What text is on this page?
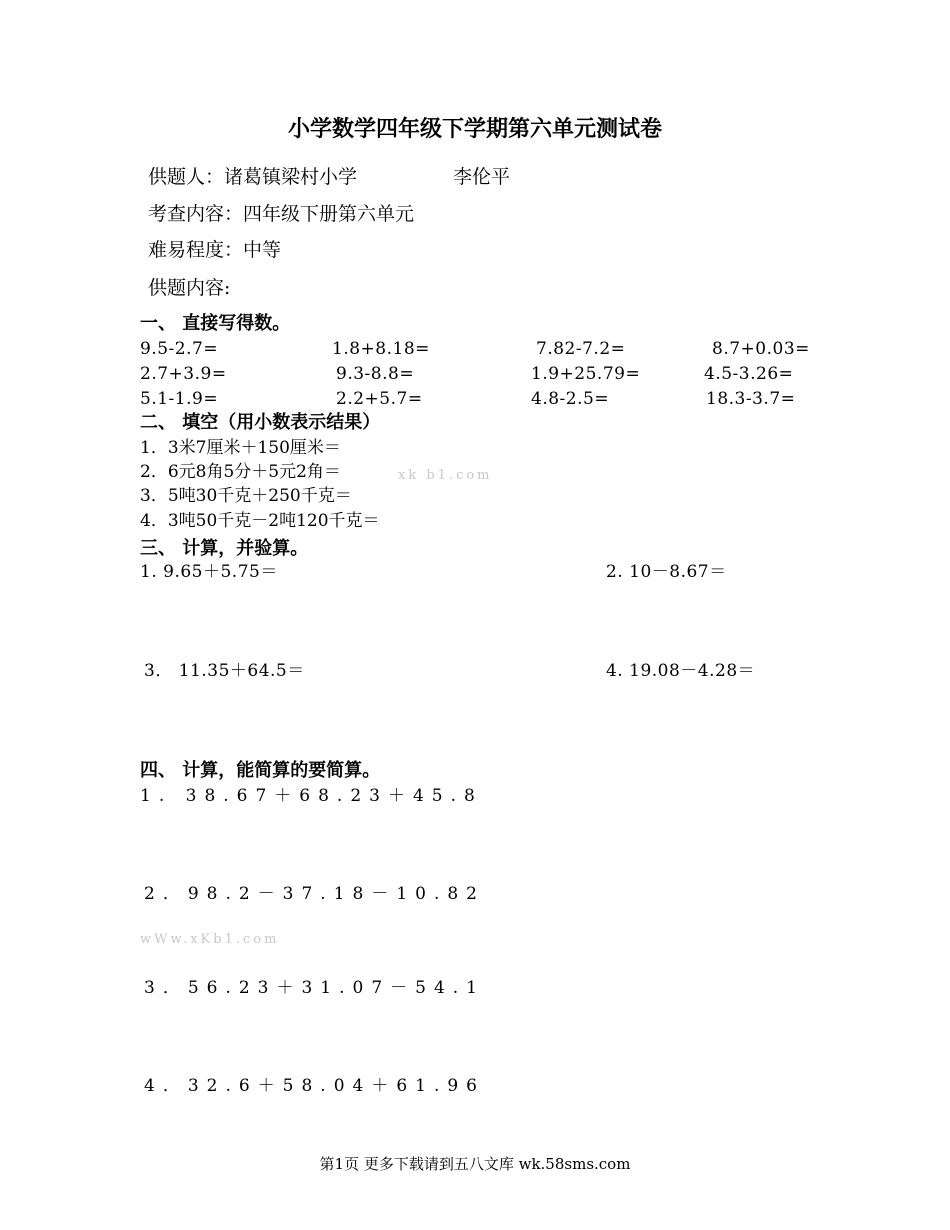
小学数学四年级下学期第六单元测试卷
供题人：诸葛镇梁村小学	李伦平
考查内容：四年级下册第六单元
难易程度：中等
供题内容:
一、 直接写得数。
9.5-2.7=	1.8+8.18=	7.82-7.2=	8.7+0.03=
2.7+3.9=	9.3-8.8=	1.9+25.79=	4.5-3.26=
5.1-1.9=	2.2+5.7=	4.8-2.5=	18.3-3.7=
二、 填空（用小数表示结果）
1．3米7厘米＋150厘米＝
2．6元8角5分＋5元2角＝	xk b1.com
3．5吨30千克＋250千克＝
4．3吨50千克－2吨120千克＝
三、 计算，并验算。
1. 9.65＋5.75＝	2. 10－8.67＝
3． 11.35＋64.5＝	4. 19.08－4.28＝
四、 计算，能简算的要简算。
1. 38.67＋68.23＋45.8
2．98.2－37.18－10.82
wWw.xKb1.com
3．56.23＋31.07－54.1
4．32.6＋58.04＋61.96
第1页 更多下载请到五八文库 wk.58sms.com
